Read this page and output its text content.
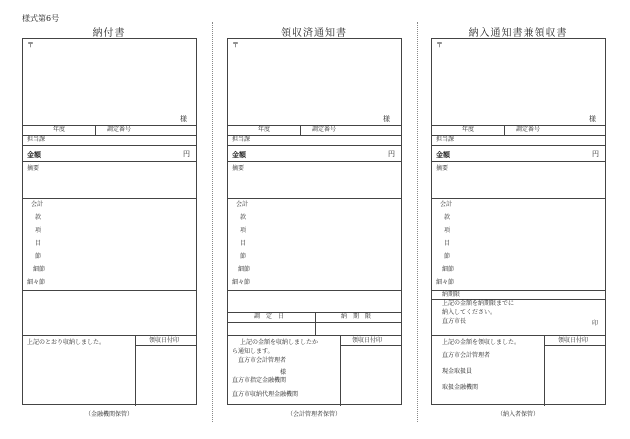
様式第6号
納付書	領収済通知書	納入通知書兼領収書
〒
様
年度	調定番号
担当課
金額	円
摘要
会計
款
項
目
節
細節
細々節
上記のとおり収納しました。	領収日付印
〒
様
年度	調定番号
担当課
金額	円
摘要
会計
款
項
目
節
細節
細々節
調　定　日	納　期　限
上記の金額を収納しましたか
ら通知します。
直方市会計管理者
様
直方市指定金融機関
直方市収納代理金融機関
領収日付印
〒
様
年度	調定番号
担当課
金額	円
摘要
会計
款
項
目
節
細節
細々節
納期限
上記の金額を納期限までに
納入してください。
直方市長	印
上記の金額を領収しました。
直方市会計管理者
現金取扱員
取扱金融機関
領収日付印
（金融機関保管）	（会計管理者保管）	（納入者保管）
